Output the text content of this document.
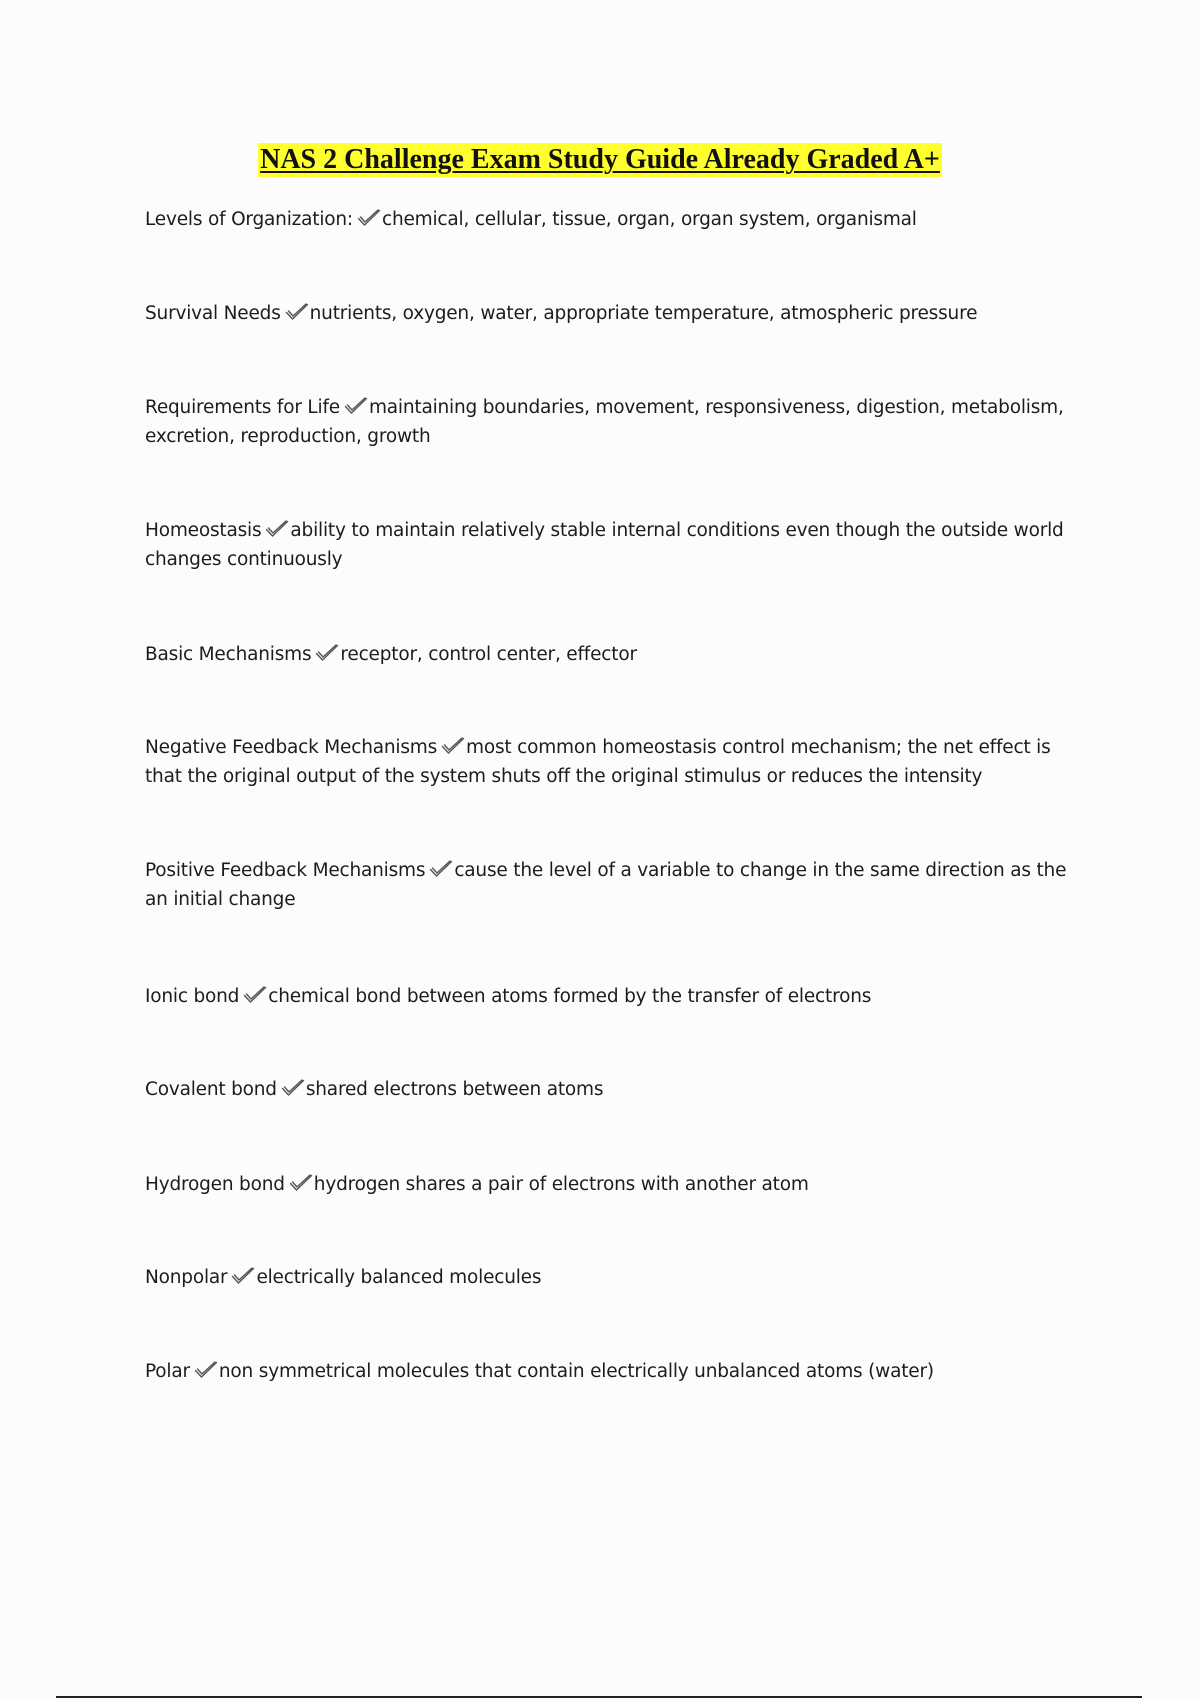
NAS 2 Challenge Exam Study Guide Already Graded A+
Levels of Organization: chemical, cellular, tissue, organ, organ system, organismal
Survival Needs nutrients, oxygen, water, appropriate temperature, atmospheric pressure
Requirements for Life maintaining boundaries, movement, responsiveness, digestion, metabolism, excretion, reproduction, growth
Homeostasis ability to maintain relatively stable internal conditions even though the outside world changes continuously
Basic Mechanisms receptor, control center, effector
Negative Feedback Mechanisms most common homeostasis control mechanism; the net effect is that the original output of the system shuts off the original stimulus or reduces the intensity
Positive Feedback Mechanisms cause the level of a variable to change in the same direction as the an initial change
Ionic bond chemical bond between atoms formed by the transfer of electrons
Covalent bond shared electrons between atoms
Hydrogen bond hydrogen shares a pair of electrons with another atom
Nonpolar electrically balanced molecules
Polar non symmetrical molecules that contain electrically unbalanced atoms (water)
